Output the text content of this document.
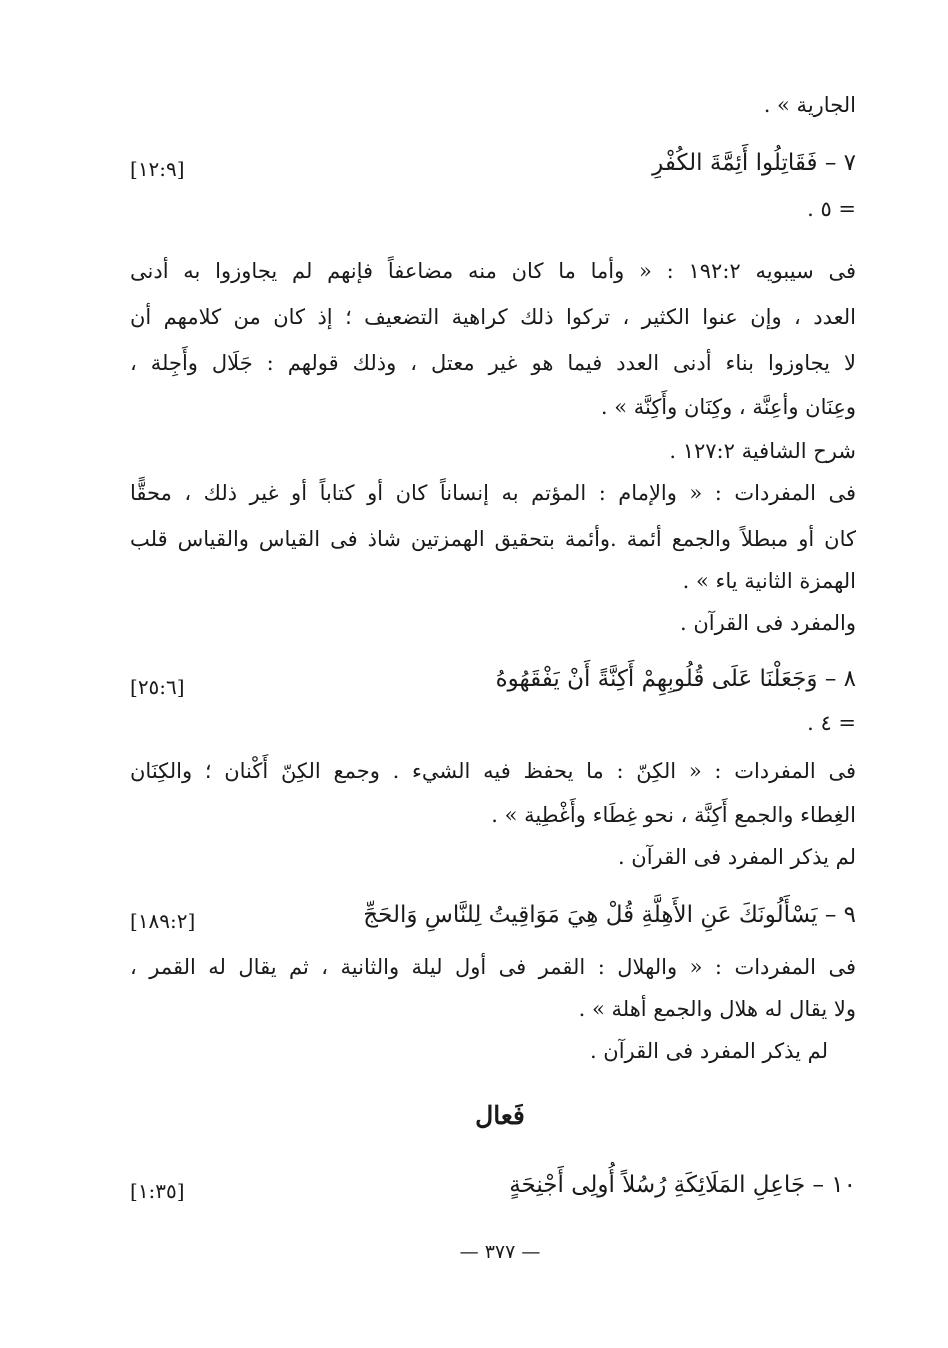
الجارية » .
٧ – فَقَاتِلُوا أَئِمَّةَ الكُفْرِ
[١٢:٩]
= ٥ .
فى سيبويه ١٩٢:٢ : « وأما ما كان منه مضاعفاً فإنهم لم يجاوزوا به أدنى
العدد ، وإن عنوا الكثير ، تركوا ذلك كراهية التضعيف ؛ إذ كان من كلامهم أن
لا يجاوزوا بناء أدنى العدد فيما هو غير معتل ، وذلك قولهم : جَلَال وأَجِلة ،
وعِنَان وأعِنَّة ، وكِنَان وأَكِنَّة » .
شرح الشافية ١٢٧:٢ .
فى المفردات : « والإمام : المؤتم به إنساناً كان أو كتاباً أو غير ذلك ، محقًّا
كان أو مبطلاً والجمع أئمة .وأئمة بتحقيق الهمزتين شاذ فى القياس والقياس قلب
الهمزة الثانية ياء » .
والمفرد فى القرآن .
٨ – وَجَعَلْنَا عَلَى قُلُوبِهِمْ أَكِنَّةً أَنْ يَفْقَهُوهُ
[٢٥:٦]
= ٤ .
فى المفردات : « الكِنّ : ما يحفظ فيه الشيء . وجمع الكِنّ أَكْنان ؛ والكِنَان
الغِطاء والجمع أَكِنَّة ، نحو غِطَاء وأَغْطِية » .
لم يذكر المفرد فى القرآن .
٩ – يَسْأَلُونَكَ عَنِ الأَهِلَّةِ قُلْ هِيَ مَوَاقِيتُ لِلنَّاسِ وَالحَجِّ
[١٨٩:٢]
فى المفردات : « والهلال : القمر فى أول ليلة والثانية ، ثم يقال له القمر ،
ولا يقال له هلال والجمع أهلة » .
لم يذكر المفرد فى القرآن .
فَعال
١٠ – جَاعِلِ المَلَائِكَةِ رُسُلاً أُولِى أَجْنِحَةٍ
[١:٣٥]
— ٣٧٧ —
